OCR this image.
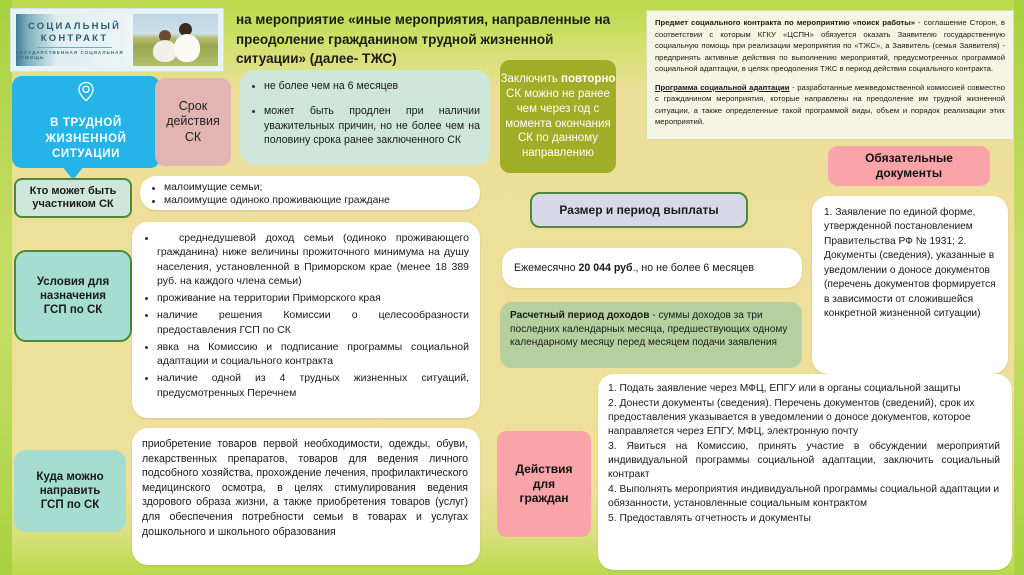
СОЦИАЛЬНЫЙ
КОНТРАКТ
ГОСУДАРСТВЕННАЯ СОЦИАЛЬНАЯ ПОМОЩЬ
В ТРУДНОЙ
ЖИЗНЕННОЙ
СИТУАЦИИ
Срок
действия
СК
на мероприятие «иные мероприятия, направленные на преодоление гражданином трудной жизненной ситуации» (далее- ТЖС)
не более чем на 6 месяцев
может быть продлен при наличии уважительных причин, но не более чем на половину срока ранее заключенного СК
Заключить повторно СК можно не ранее чем через год с момента окончания СК по данному направлению

Предмет социального контракта по мероприятию «поиск работы» - соглашение Сторон, в соответствии с которым КГКУ «ЦСПН» обязуется оказать Заявителю государственную социальную помощь при реализации мероприятия по «ТЖС», а Заявитель (семья Заявителя) - предпринять активные действия по выполнению мероприятий, предусмотренных программой социальной адаптации, в целях преодоления ТЖС в период действия социального контракта.

Программа социальной адаптации - разработанные межведомственной комиссией совместно с гражданином мероприятия, которые направлены на преодоление им трудной жизненной ситуации, а также определенные такой программой виды, объем и порядок реализации этих мероприятий.

Кто может быть
участником СК
малоимущие семьи;
малоимущие одиноко проживающие граждане
Условия для
назначения
ГСП по СК
среднедушевой доход семьи (одиноко проживающего гражданина) ниже величины прожиточного минимума на душу населения, установленной в Приморском крае (менее 18 389 руб. на каждого члена семьи)
проживание на территории Приморского края
наличие решения Комиссии о целесообразности предоставления ГСП по СК
явка на Комиссию и подписание программы социальной адаптации и социального контракта
наличие одной из 4 трудных жизненных ситуаций, предусмотренных Перечнем
Куда можно
направить
ГСП по СК
приобретение товаров первой необходимости, одежды, обуви, лекарственных препаратов, товаров для ведения личного подсобного хозяйства, прохождение лечения, профилактического медицинского осмотра, в целях стимулирования ведения здорового образа жизни, а также приобретения товаров (услуг) для обеспечения потребности семьи в товарах и услугах дошкольного и школьного образования
Размер и период выплаты
Ежемесячно 20 044 руб., но не более 6 месяцев
Расчетный период доходов - суммы доходов за три последних календарных месяца, предшествующих одному календарному месяцу перед месяцем подачи заявления
Обязательные
документы
1. Заявление по единой форме, утвержденной постановлением Правительства РФ № 1931; 2. Документы (сведения), указанные в уведомлении о доносе документов (перечень документов формируется в зависимости от сложившейся конкретной жизненной ситуации)
Действия
для
граждан

1. Подать заявление через МФЦ, ЕПГУ или в органы социальной защиты

2. Донести документы (сведения). Перечень документов (сведений), срок их предоставления указывается в уведомлении о доносе документов, которое направляется через ЕПГУ, МФЦ, электронную почту

3. Явиться на Комиссию, принять участие в обсуждении мероприятий индивидуальной программы социальной адаптации, заключить социальный контракт

4. Выполнять мероприятия индивидуальной программы социальной адаптации и обязанности, установленные социальным контрактом

5. Предоставлять отчетность и документы
